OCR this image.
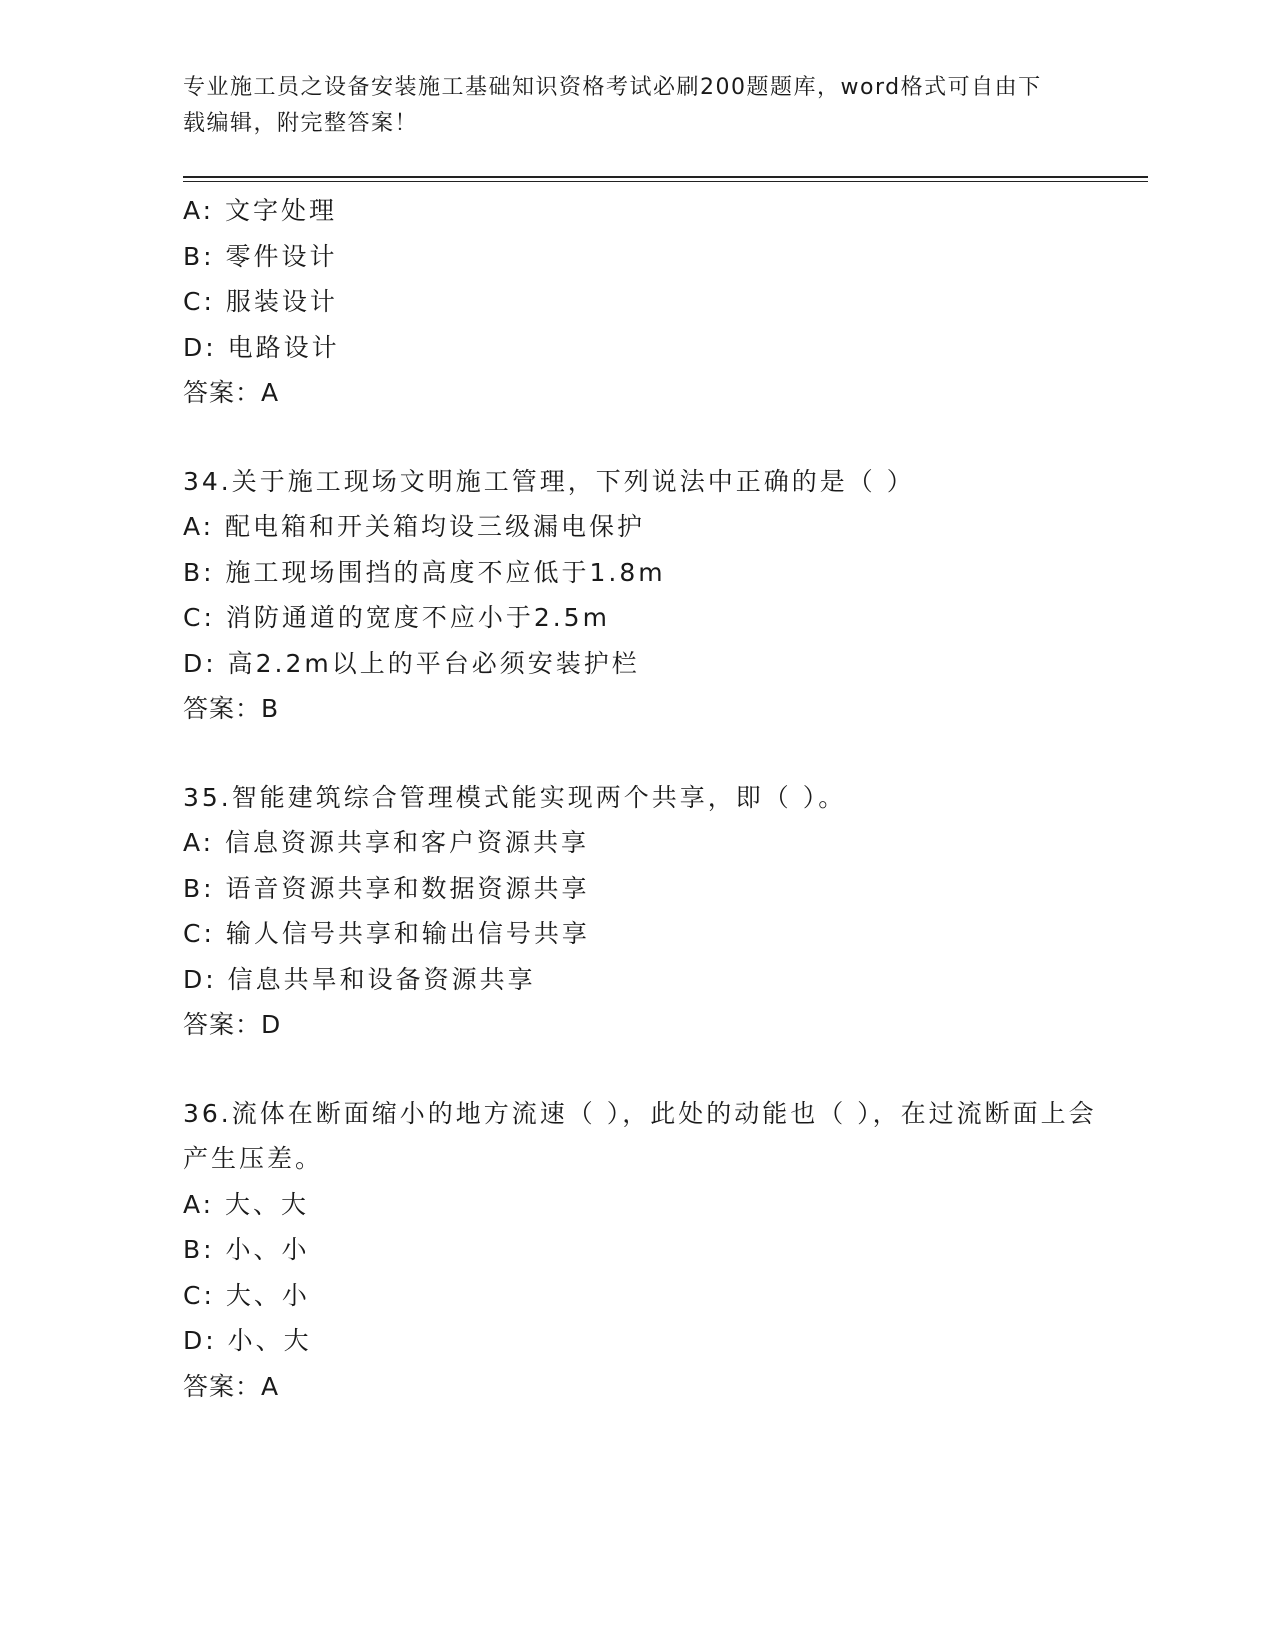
专业施工员之设备安装施工基础知识资格考试必刷200题题库，word格式可自由下载编辑，附完整答案！
A: 文字处理
B: 零件设计
C: 服装设计
D: 电路设计
答案：A
34.关于施工现场文明施工管理，下列说法中正确的是（ ）
A: 配电箱和开关箱均设三级漏电保护
B: 施工现场围挡的高度不应低于1.8m
C: 消防通道的宽度不应小于2.5m
D: 高2.2m以上的平台必须安装护栏
答案：B
35.智能建筑综合管理模式能实现两个共享，即（ ）。
A: 信息资源共享和客户资源共享
B: 语音资源共享和数据资源共享
C: 输人信号共享和输出信号共享
D: 信息共旱和设备资源共享
答案：D
36.流体在断面缩小的地方流速（ ），此处的动能也（ ），在过流断面上会产生压差。
A: 大、大
B: 小、小
C: 大、小
D: 小、大
答案：A
